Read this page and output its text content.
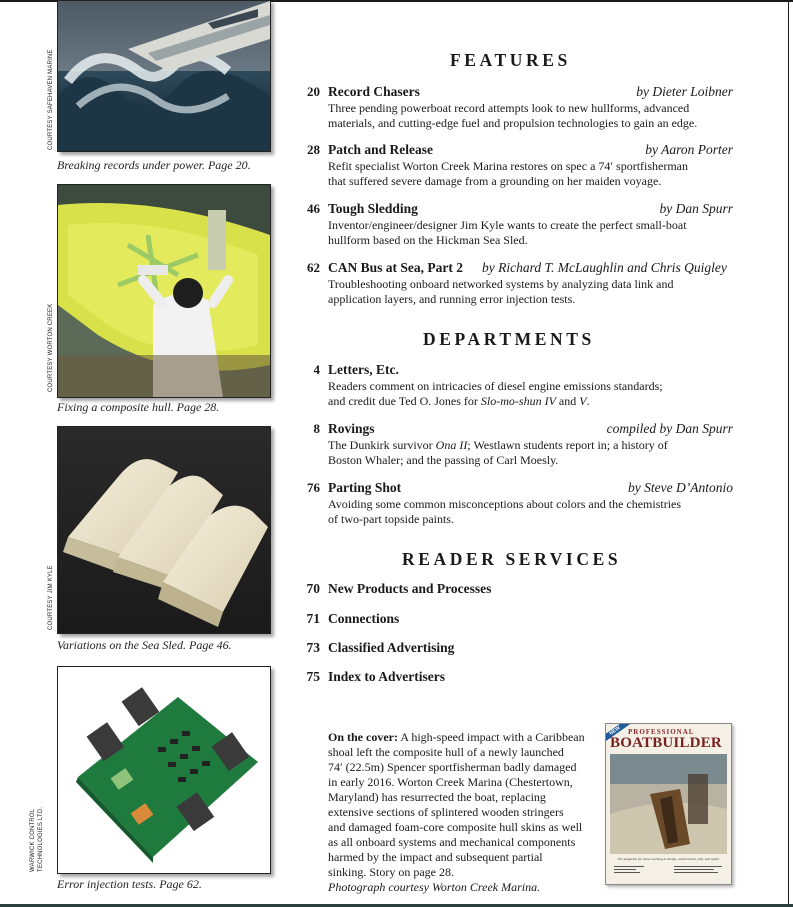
COURTESY SAFEHAVEN MARINE
Breaking records under power. Page 20.
COURTESY WORTON CREEK
Fixing a composite hull. Page 28.
COURTESY JIM KYLE
Variations on the Sea Sled. Page 46.
WARWICK CONTROL TECHNOLOGIES LTD.
Error injection tests. Page 62.
FEATURES
20 Record Chasers	by Dieter Loibner
Three pending powerboat record attempts look to new hullforms, advanced
materials, and cutting-edge fuel and propulsion technologies to gain an edge.
28 Patch and Release	by Aaron Porter
Refit specialist Worton Creek Marina restores on spec a 74′ sportfisherman
that suffered severe damage from a grounding on her maiden voyage.
46 Tough Sledding	by Dan Spurr
Inventor/engineer/designer Jim Kyle wants to create the perfect small-boat
hullform based on the Hickman Sea Sled.
62 CAN Bus at Sea, Part 2 by Richard T. McLaughlin and Chris Quigley
Troubleshooting onboard networked systems by analyzing data link and
application layers, and running error injection tests.
DEPARTMENTS
4 Letters, Etc.
Readers comment on intricacies of diesel engine emissions standards;
and credit due Ted O. Jones for Slo-mo-shun IV and V.
8 Rovings	compiled by Dan Spurr
The Dunkirk survivor Ona II; Westlawn students report in; a history of
Boston Whaler; and the passing of Carl Moesly.
76 Parting Shot	by Steve D’Antonio
Avoiding some common misconceptions about colors and the chemistries
of two-part topside paints.
READER SERVICES
70 New Products and Processes
71 Connections
73 Classified Advertising
75 Index to Advertisers
On the cover: A high-speed impact with a Caribbean
shoal left the composite hull of a newly launched
74′ (22.5m) Spencer sportfisherman badly damaged
in early 2016. Worton Creek Marina (Chestertown,
Maryland) has resurrected the boat, replacing
extensive sections of splintered wooden stringers
and damaged foam-core composite hull skins as well
as all onboard systems and mechanical components
harmed by the impact and subsequent partial
sinking. Story on page 28.
Photograph courtesy Worton Creek Marina.
NEW PROFESSIONAL
BOATBUILDER
The magazine for those working in design, construction, refit, and repair
